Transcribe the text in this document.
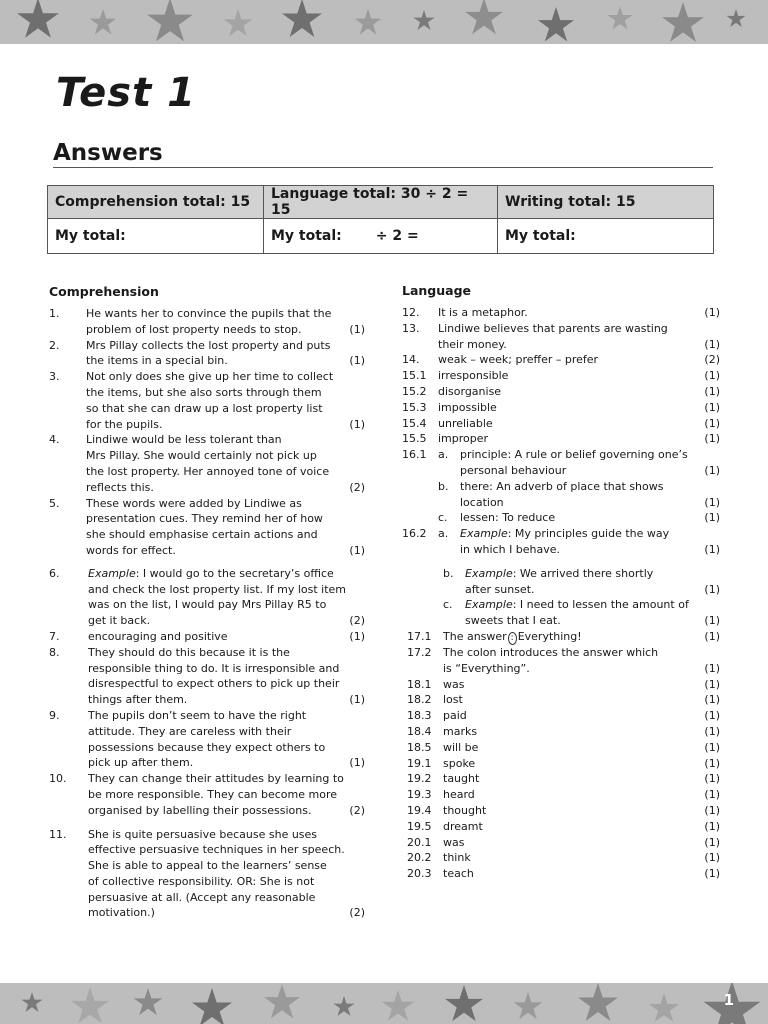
Test 1
Answers
Comprehension total: 15	Language total: 30 ÷ 2 = 15	Writing total: 15
My total:	My total: ÷ 2 =	My total:
Comprehension
1.	He wants her to convince the pupils that the
problem of lost property needs to stop.	(1)
2.	Mrs Pillay collects the lost property and puts
the items in a special bin.	(1)
3.	Not only does she give up her time to collect
the items, but she also sorts through them
so that she can draw up a lost property list
for the pupils.	(1)
4.	Lindiwe would be less tolerant than
Mrs Pillay. She would certainly not pick up
the lost property. Her annoyed tone of voice
reflects this.	(2)
5.	These words were added by Lindiwe as
presentation cues. They remind her of how
she should emphasise certain actions and
words for effect.	(1)
6.	Example: I would go to the secretary’s office
and check the lost property list. If my lost item
was on the list, I would pay Mrs Pillay R5 to
get it back.	(2)
7.	encouraging and positive	(1)
8.	They should do this because it is the
responsible thing to do. It is irresponsible and
disrespectful to expect others to pick up their
things after them.	(1)
9.	The pupils don’t seem to have the right
attitude. They are careless with their
possessions because they expect others to
pick up after them.	(1)
10.	They can change their attitudes by learning to
be more responsible. They can become more
organised by labelling their possessions.	(2)
11.	She is quite persuasive because she uses
effective persuasive techniques in her speech.
She is able to appeal to the learners’ sense
of collective responsibility. OR: She is not
persuasive at all. (Accept any reasonable
motivation.)	(2)
Language
12.	It is a metaphor.	(1)
13.	Lindiwe believes that parents are wasting
their money.	(1)
14.	weak – week; preffer – prefer	(2)
15.1	irresponsible	(1)
15.2	disorganise	(1)
15.3	impossible	(1)
15.4	unreliable	(1)
15.5	improper	(1)
16.1	a.	principle: A rule or belief governing one’s
personal behaviour	(1)
b.	there: An adverb of place that shows
location	(1)
c.	lessen: To reduce	(1)
16.2	a.	Example: My principles guide the way
in which I behave.	(1)
b.	Example: We arrived there shortly
after sunset.	(1)
c.	Example: I need to lessen the amount of
sweets that I eat.	(1)
17.1	The answer : Everything!	(1)
17.2	The colon introduces the answer which
is “Everything”.	(1)
18.1	was	(1)
18.2	lost	(1)
18.3	paid	(1)
18.4	marks	(1)
18.5	will be	(1)
19.1	spoke	(1)
19.2	taught	(1)
19.3	heard	(1)
19.4	thought	(1)
19.5	dreamt	(1)
20.1	was	(1)
20.2	think	(1)
20.3	teach	(1)
1
